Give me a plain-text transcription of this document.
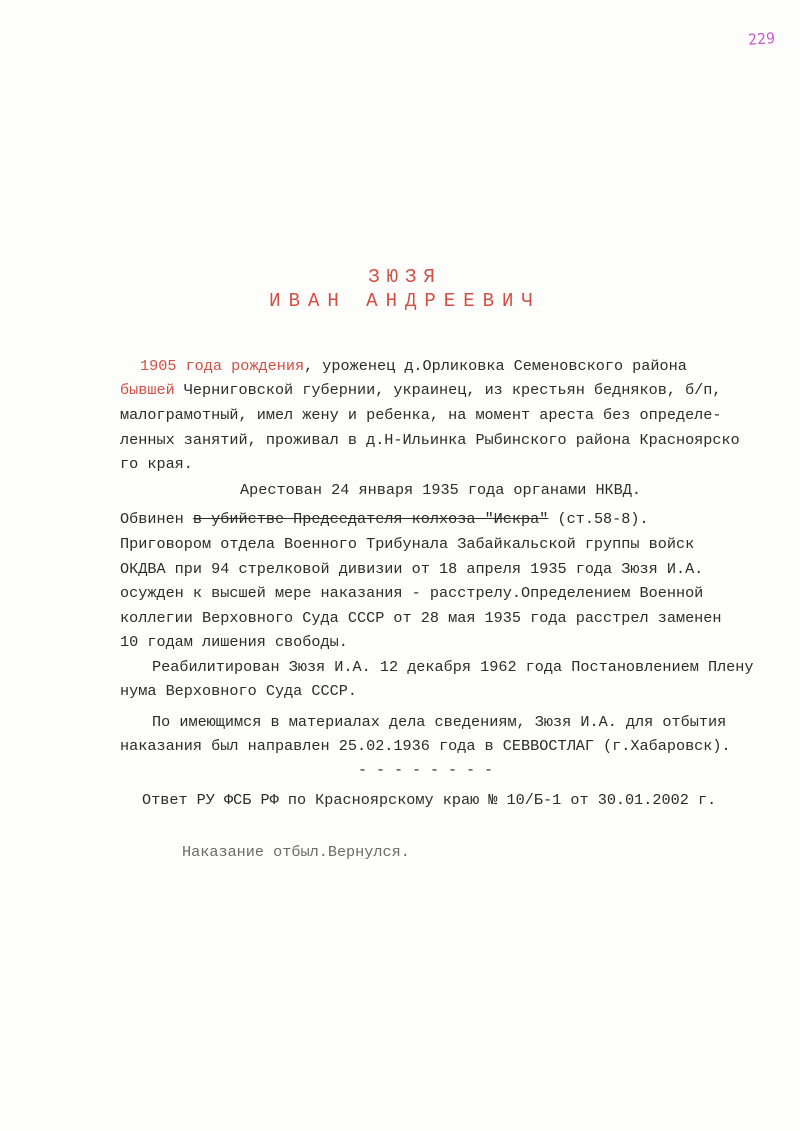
229
ЗЮЗЯ
ИВАН АНДРЕЕВИЧ
1905 года рождения, уроженец д.Орликовка Семеновского района
бывшей Черниговской губернии, украинец, из крестьян бедняков, б/п,
малограмотный, имел жену и ребенка, на момент ареста без определе-
ленных занятий, проживал в д.Н-Ильинка Рыбинского района Красноярско
го края.
Арестован 24 января 1935 года органами НКВД.
Обвинен в убийстве Председателя колхоза "Искра" (ст.58-8).
Приговором отдела Военного Трибунала Забайкальской группы войск
ОКДВА при 94 стрелковой дивизии от 18 апреля 1935 года Зюзя И.А.
осужден к высшей мере наказания - расстрелу.Определением Военной
коллегии Верховного Суда СССР от 28 мая 1935 года расстрел заменен
10 годам лишения свободы.
Реабилитирован Зюзя И.А. 12 декабря 1962 года Постановлением Плену
нума Верховного Суда СССР.
По имеющимся в материалах дела сведениям, Зюзя И.А. для отбытия
наказания был направлен 25.02.1936 года в СЕВВОСТЛАГ (г.Хабаровск).
--------
Ответ РУ ФСБ РФ по Красноярскому краю № 10/Б-1 от 30.01.2002 г.
Наказание отбыл.Вернулся.
